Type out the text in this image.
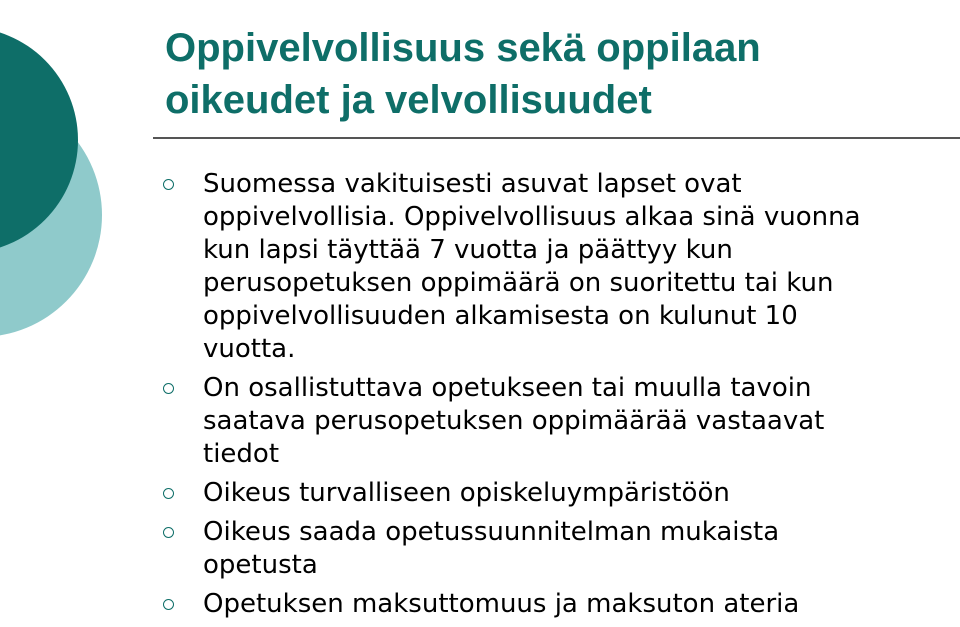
Oppivelvollisuus sekä oppilaan
oikeudet ja velvollisuudet
Suomessa vakituisesti asuvat lapset ovat
oppivelvollisia. Oppivelvollisuus alkaa sinä vuonna
kun lapsi täyttää 7 vuotta ja päättyy kun
perusopetuksen oppimäärä on suoritettu tai kun
oppivelvollisuuden alkamisesta on kulunut 10
vuotta.
On osallistuttava opetukseen tai muulla tavoin
saatava perusopetuksen oppimäärää vastaavat
tiedot
Oikeus turvalliseen opiskeluympäristöön
Oikeus saada opetussuunnitelman mukaista
opetusta
Opetuksen maksuttomuus ja maksuton ateria
